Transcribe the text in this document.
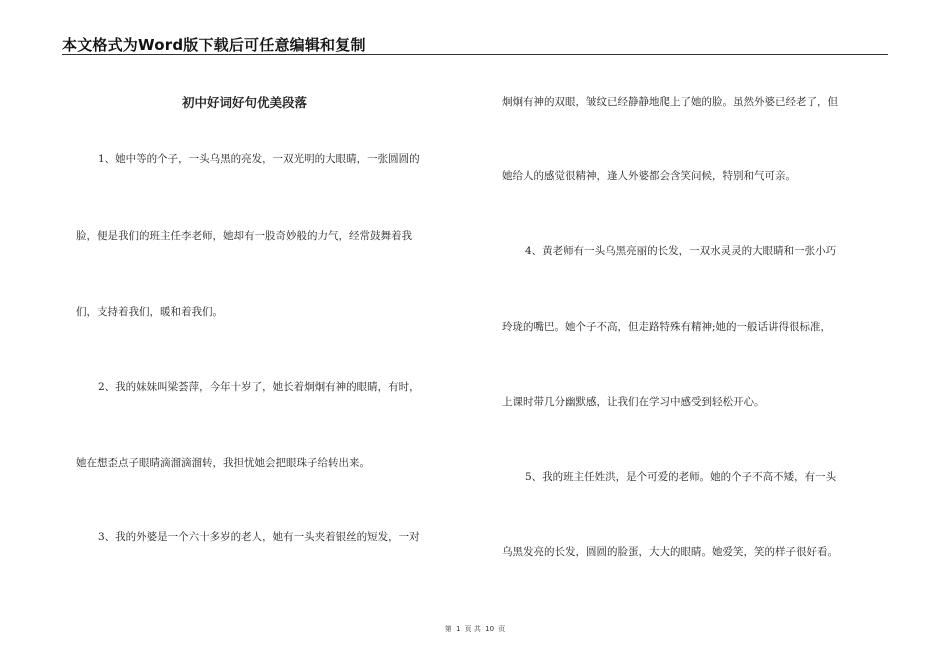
本文格式为Word版下载后可任意编辑和复制
初中好词好句优美段落
1、她中等的个子，一头乌黑的亮发，一双光明的大眼睛，一张圆圆的
脸，便是我们的班主任李老师，她却有一股奇妙般的力气，经常鼓舞着我
们，支持着我们，暖和着我们。
2、我的妹妹叫梁荟萍，今年十岁了，她长着炯炯有神的眼睛，有时，
她在想歪点子眼睛滴溜滴溜转，我担忧她会把眼珠子给转出来。
3、我的外婆是一个六十多岁的老人，她有一头夹着银丝的短发，一对
炯炯有神的双眼，皱纹已经静静地爬上了她的脸。虽然外婆已经老了，但
她给人的感觉很精神，逢人外婆都会含笑问候，特别和气可亲。
4、黄老师有一头乌黑亮丽的长发，一双水灵灵的大眼睛和一张小巧
玲珑的嘴巴。她个子不高，但走路特殊有精神;她的一般话讲得很标准，
上课时带几分幽默感，让我们在学习中感受到轻松开心。
5、我的班主任姓洪，是个可爱的老师。她的个子不高不矮，有一头
乌黑发亮的长发，圆圆的脸蛋，大大的眼睛。她爱笑，笑的样子很好看。
第 1 页 共 10 页
